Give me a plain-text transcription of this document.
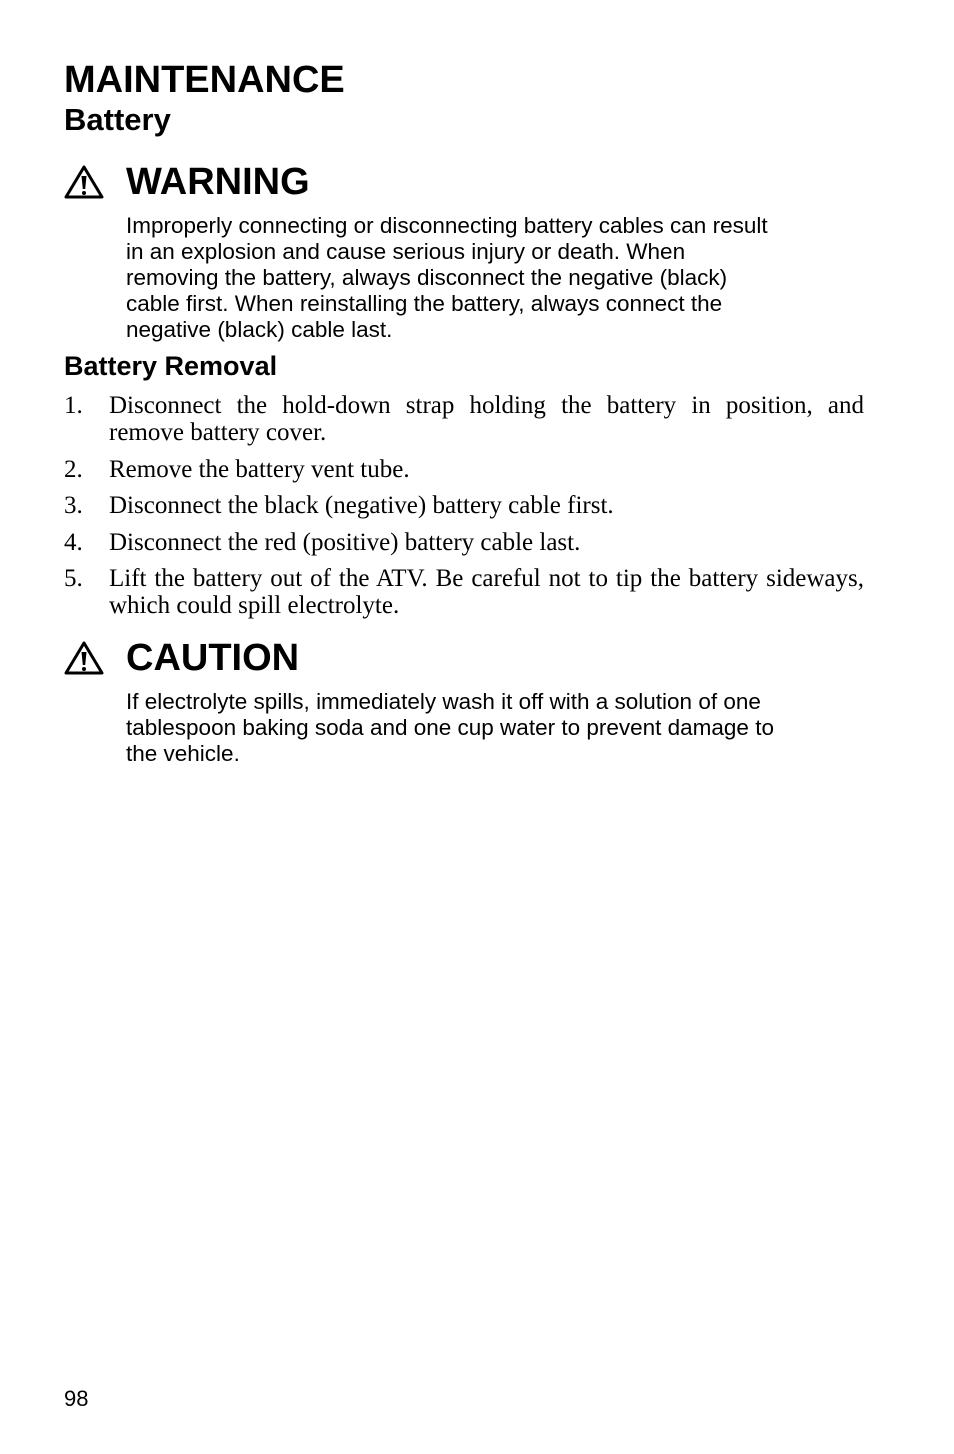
MAINTENANCE
Battery
WARNING

Improperly connecting or disconnecting battery cables can result
in an explosion and cause serious injury or death. When
removing the battery, always disconnect the negative (black)
cable first. When reinstalling the battery, always connect the
negative (black) cable last.

Battery Removal
1.	Disconnect the hold-down strap holding the battery in position, and remove battery cover.
2.	Remove the battery vent tube.
3.	Disconnect the black (negative) battery cable first.
4.	Disconnect the red (positive) battery cable last.
5.	Lift the battery out of the ATV. Be careful not to tip the battery sideways, which could spill electrolyte.
CAUTION

If electrolyte spills, immediately wash it off with a solution of one
tablespoon baking soda and one cup water to prevent damage to
the vehicle.

98
